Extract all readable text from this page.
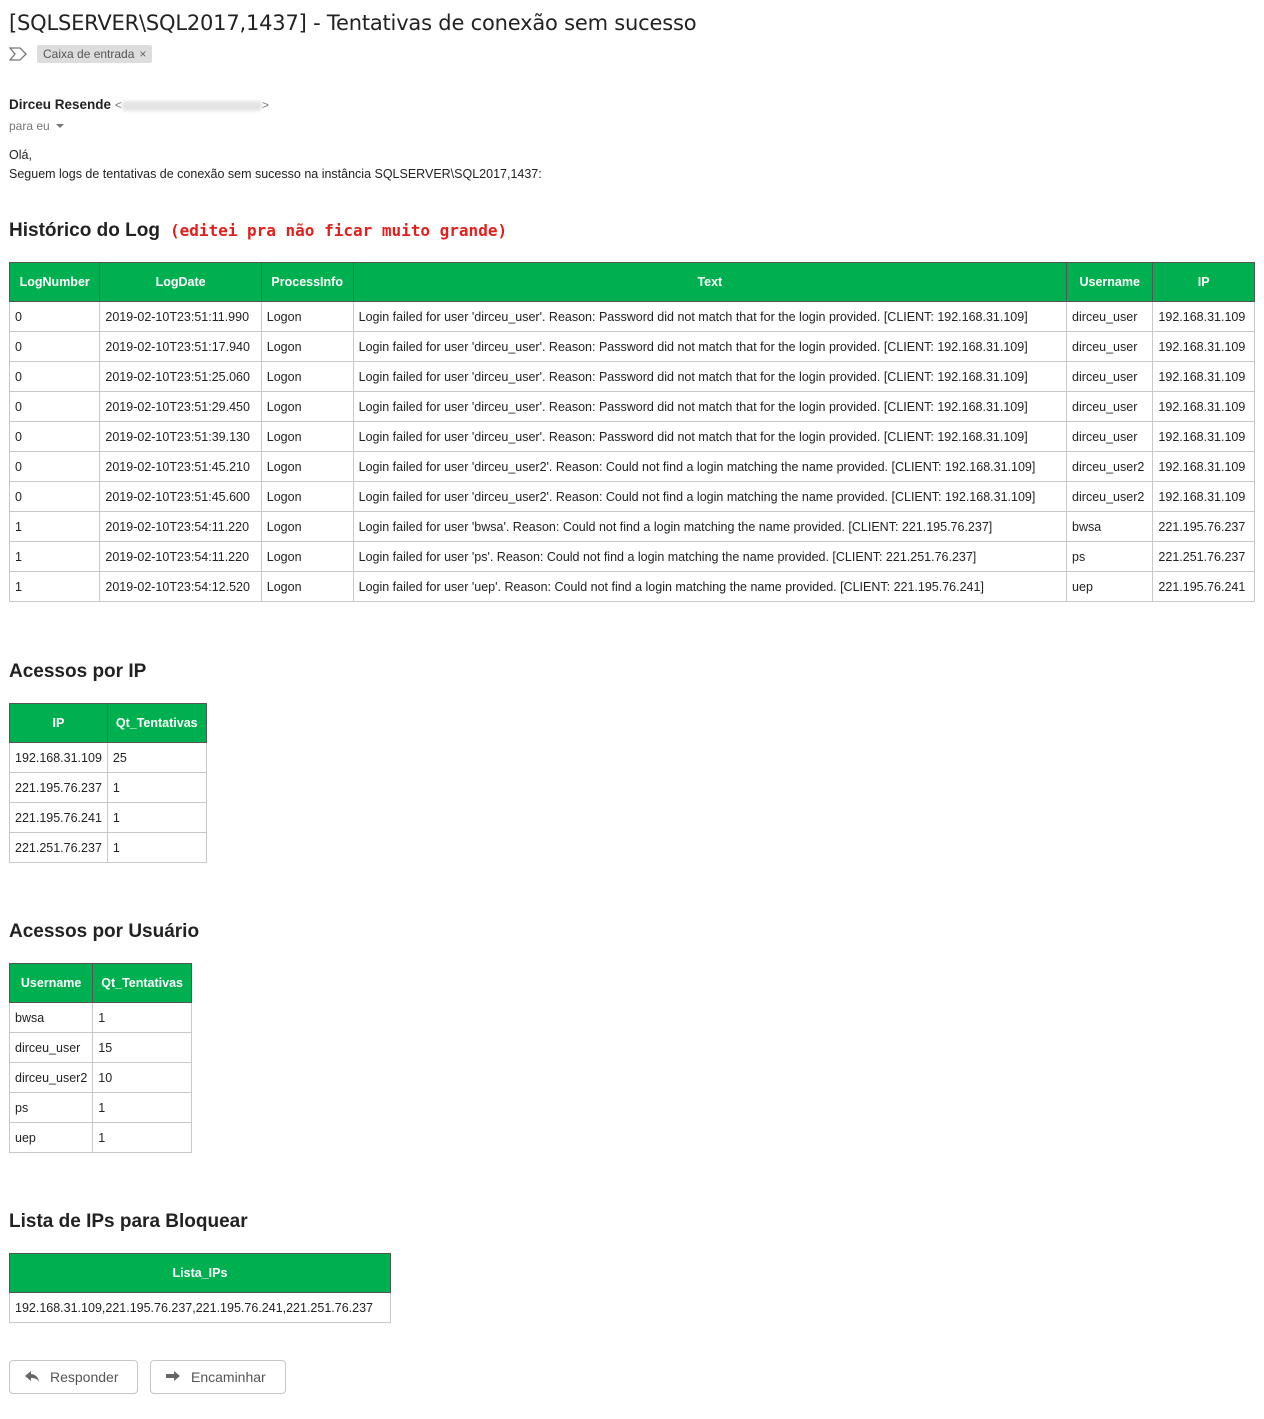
[SQLSERVER\SQL2017,1437] - Tentativas de conexão sem sucesso
Caixa de entrada ×
Dirceu Resende <	>
para eu
Olá,
Seguem logs de tentativas de conexão sem sucesso na instância SQLSERVER\SQL2017,1437:
Histórico do Log (editei pra não ficar muito grande)
LogNumber	LogDate	ProcessInfo	Text	Username	IP
0	2019-02-10T23:51:11.990	Logon	Login failed for user 'dirceu_user'. Reason: Password did not match that for the login provided. [CLIENT: 192.168.31.109]	dirceu_user	192.168.31.109
0	2019-02-10T23:51:17.940	Logon	Login failed for user 'dirceu_user'. Reason: Password did not match that for the login provided. [CLIENT: 192.168.31.109]	dirceu_user	192.168.31.109
0	2019-02-10T23:51:25.060	Logon	Login failed for user 'dirceu_user'. Reason: Password did not match that for the login provided. [CLIENT: 192.168.31.109]	dirceu_user	192.168.31.109
0	2019-02-10T23:51:29.450	Logon	Login failed for user 'dirceu_user'. Reason: Password did not match that for the login provided. [CLIENT: 192.168.31.109]	dirceu_user	192.168.31.109
0	2019-02-10T23:51:39.130	Logon	Login failed for user 'dirceu_user'. Reason: Password did not match that for the login provided. [CLIENT: 192.168.31.109]	dirceu_user	192.168.31.109
0	2019-02-10T23:51:45.210	Logon	Login failed for user 'dirceu_user2'. Reason: Could not find a login matching the name provided. [CLIENT: 192.168.31.109]	dirceu_user2	192.168.31.109
0	2019-02-10T23:51:45.600	Logon	Login failed for user 'dirceu_user2'. Reason: Could not find a login matching the name provided. [CLIENT: 192.168.31.109]	dirceu_user2	192.168.31.109
1	2019-02-10T23:54:11.220	Logon	Login failed for user 'bwsa'. Reason: Could not find a login matching the name provided. [CLIENT: 221.195.76.237]	bwsa	221.195.76.237
1	2019-02-10T23:54:11.220	Logon	Login failed for user 'ps'. Reason: Could not find a login matching the name provided. [CLIENT: 221.251.76.237]	ps	221.251.76.237
1	2019-02-10T23:54:12.520	Logon	Login failed for user 'uep'. Reason: Could not find a login matching the name provided. [CLIENT: 221.195.76.241]	uep	221.195.76.241
Acessos por IP
IP	Qt_Tentativas
192.168.31.109	25
221.195.76.237	1
221.195.76.241	1
221.251.76.237	1
Acessos por Usuário
Username	Qt_Tentativas
bwsa	1
dirceu_user	15
dirceu_user2	10
ps	1
uep	1
Lista de IPs para Bloquear
Lista_IPs
192.168.31.109,221.195.76.237,221.195.76.241,221.251.76.237
Responder	Encaminhar
